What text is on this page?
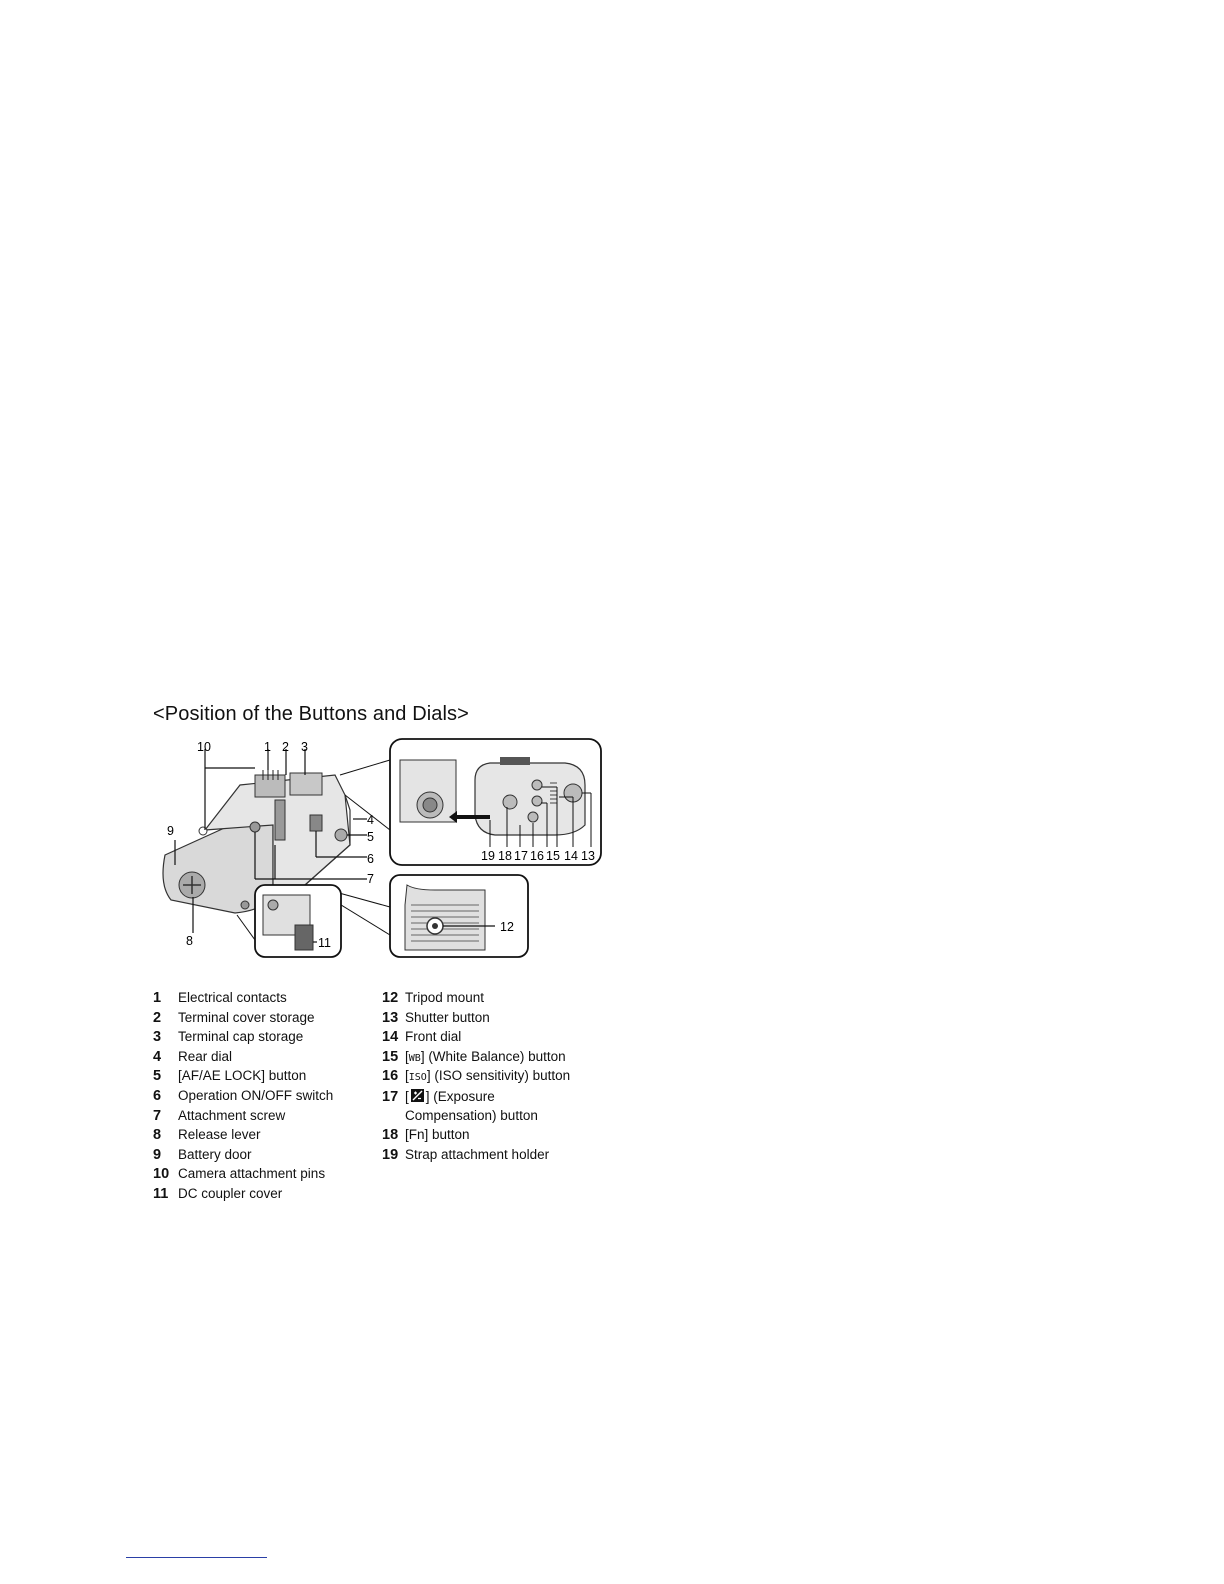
<Position of the Buttons and Dials>
10	1 2 3
4
5
6
7
9
8
19 18 17 16 15 14 13
12
11
1	Electrical contacts
2	Terminal cover storage
3	Terminal cap storage
4	Rear dial
5	[AF/AE LOCK] button
6	Operation ON/OFF switch
7	Attachment screw
8	Release lever
9	Battery door
10 Camera attachment pins
11 DC coupler cover
12 Tripod mount
13 Shutter button
14 Front dial
15 [ WB ] (White Balance) button
16 [ ISO ] (ISO sensitivity) button
17 [ ] (Exposure
Compensation) button
18 [Fn] button
19 Strap attachment holder
